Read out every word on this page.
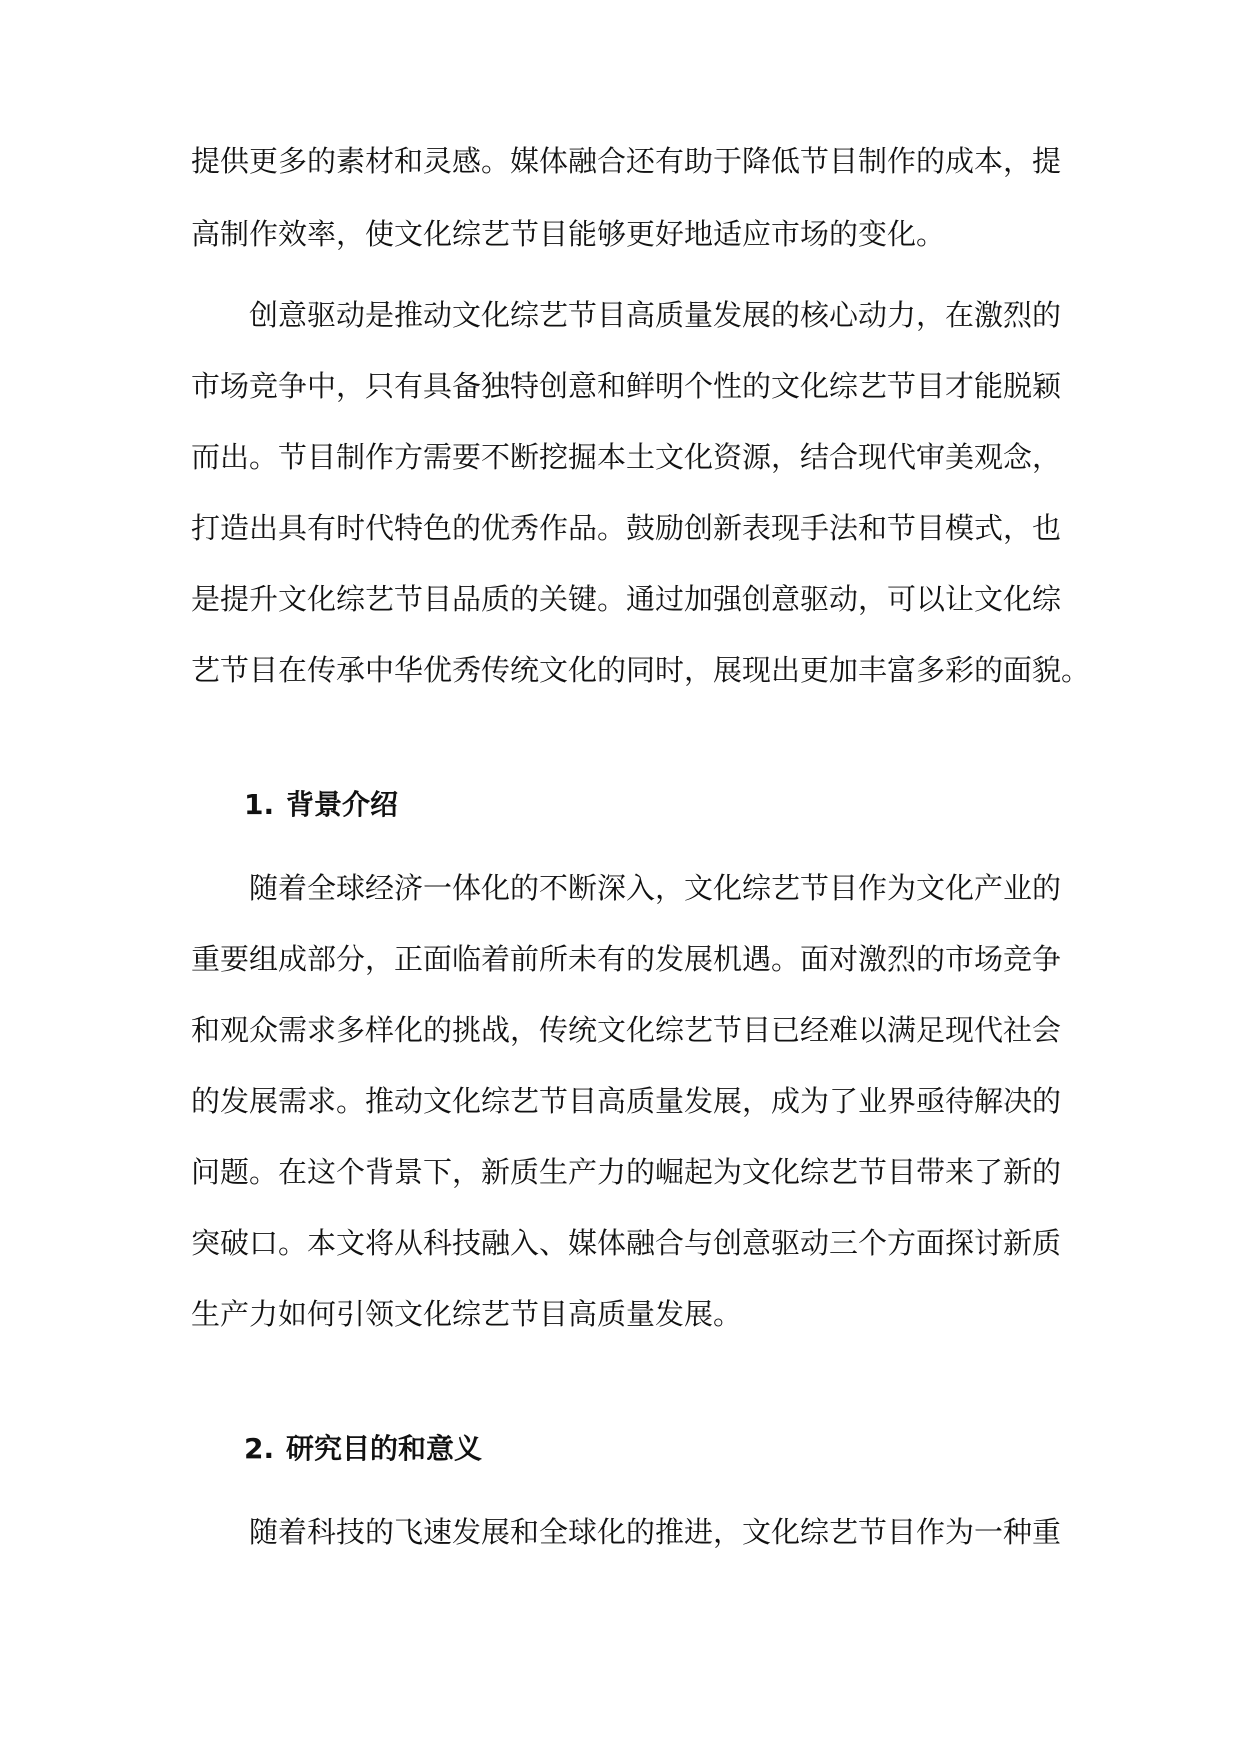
提供更多的素材和灵感。媒体融合还有助于降低节目制作的成本，提
高制作效率，使文化综艺节目能够更好地适应市场的变化。
创意驱动是推动文化综艺节目高质量发展的核心动力，在激烈的
市场竞争中，只有具备独特创意和鲜明个性的文化综艺节目才能脱颖
而出。节目制作方需要不断挖掘本土文化资源，结合现代审美观念，
打造出具有时代特色的优秀作品。鼓励创新表现手法和节目模式，也
是提升文化综艺节目品质的关键。通过加强创意驱动，可以让文化综
艺节目在传承中华优秀传统文化的同时，展现出更加丰富多彩的面貌。
1. 背景介绍
随着全球经济一体化的不断深入，文化综艺节目作为文化产业的
重要组成部分，正面临着前所未有的发展机遇。面对激烈的市场竞争
和观众需求多样化的挑战，传统文化综艺节目已经难以满足现代社会
的发展需求。推动文化综艺节目高质量发展，成为了业界亟待解决的
问题。在这个背景下，新质生产力的崛起为文化综艺节目带来了新的
突破口。本文将从科技融入、媒体融合与创意驱动三个方面探讨新质
生产力如何引领文化综艺节目高质量发展。
2. 研究目的和意义
随着科技的飞速发展和全球化的推进，文化综艺节目作为一种重
